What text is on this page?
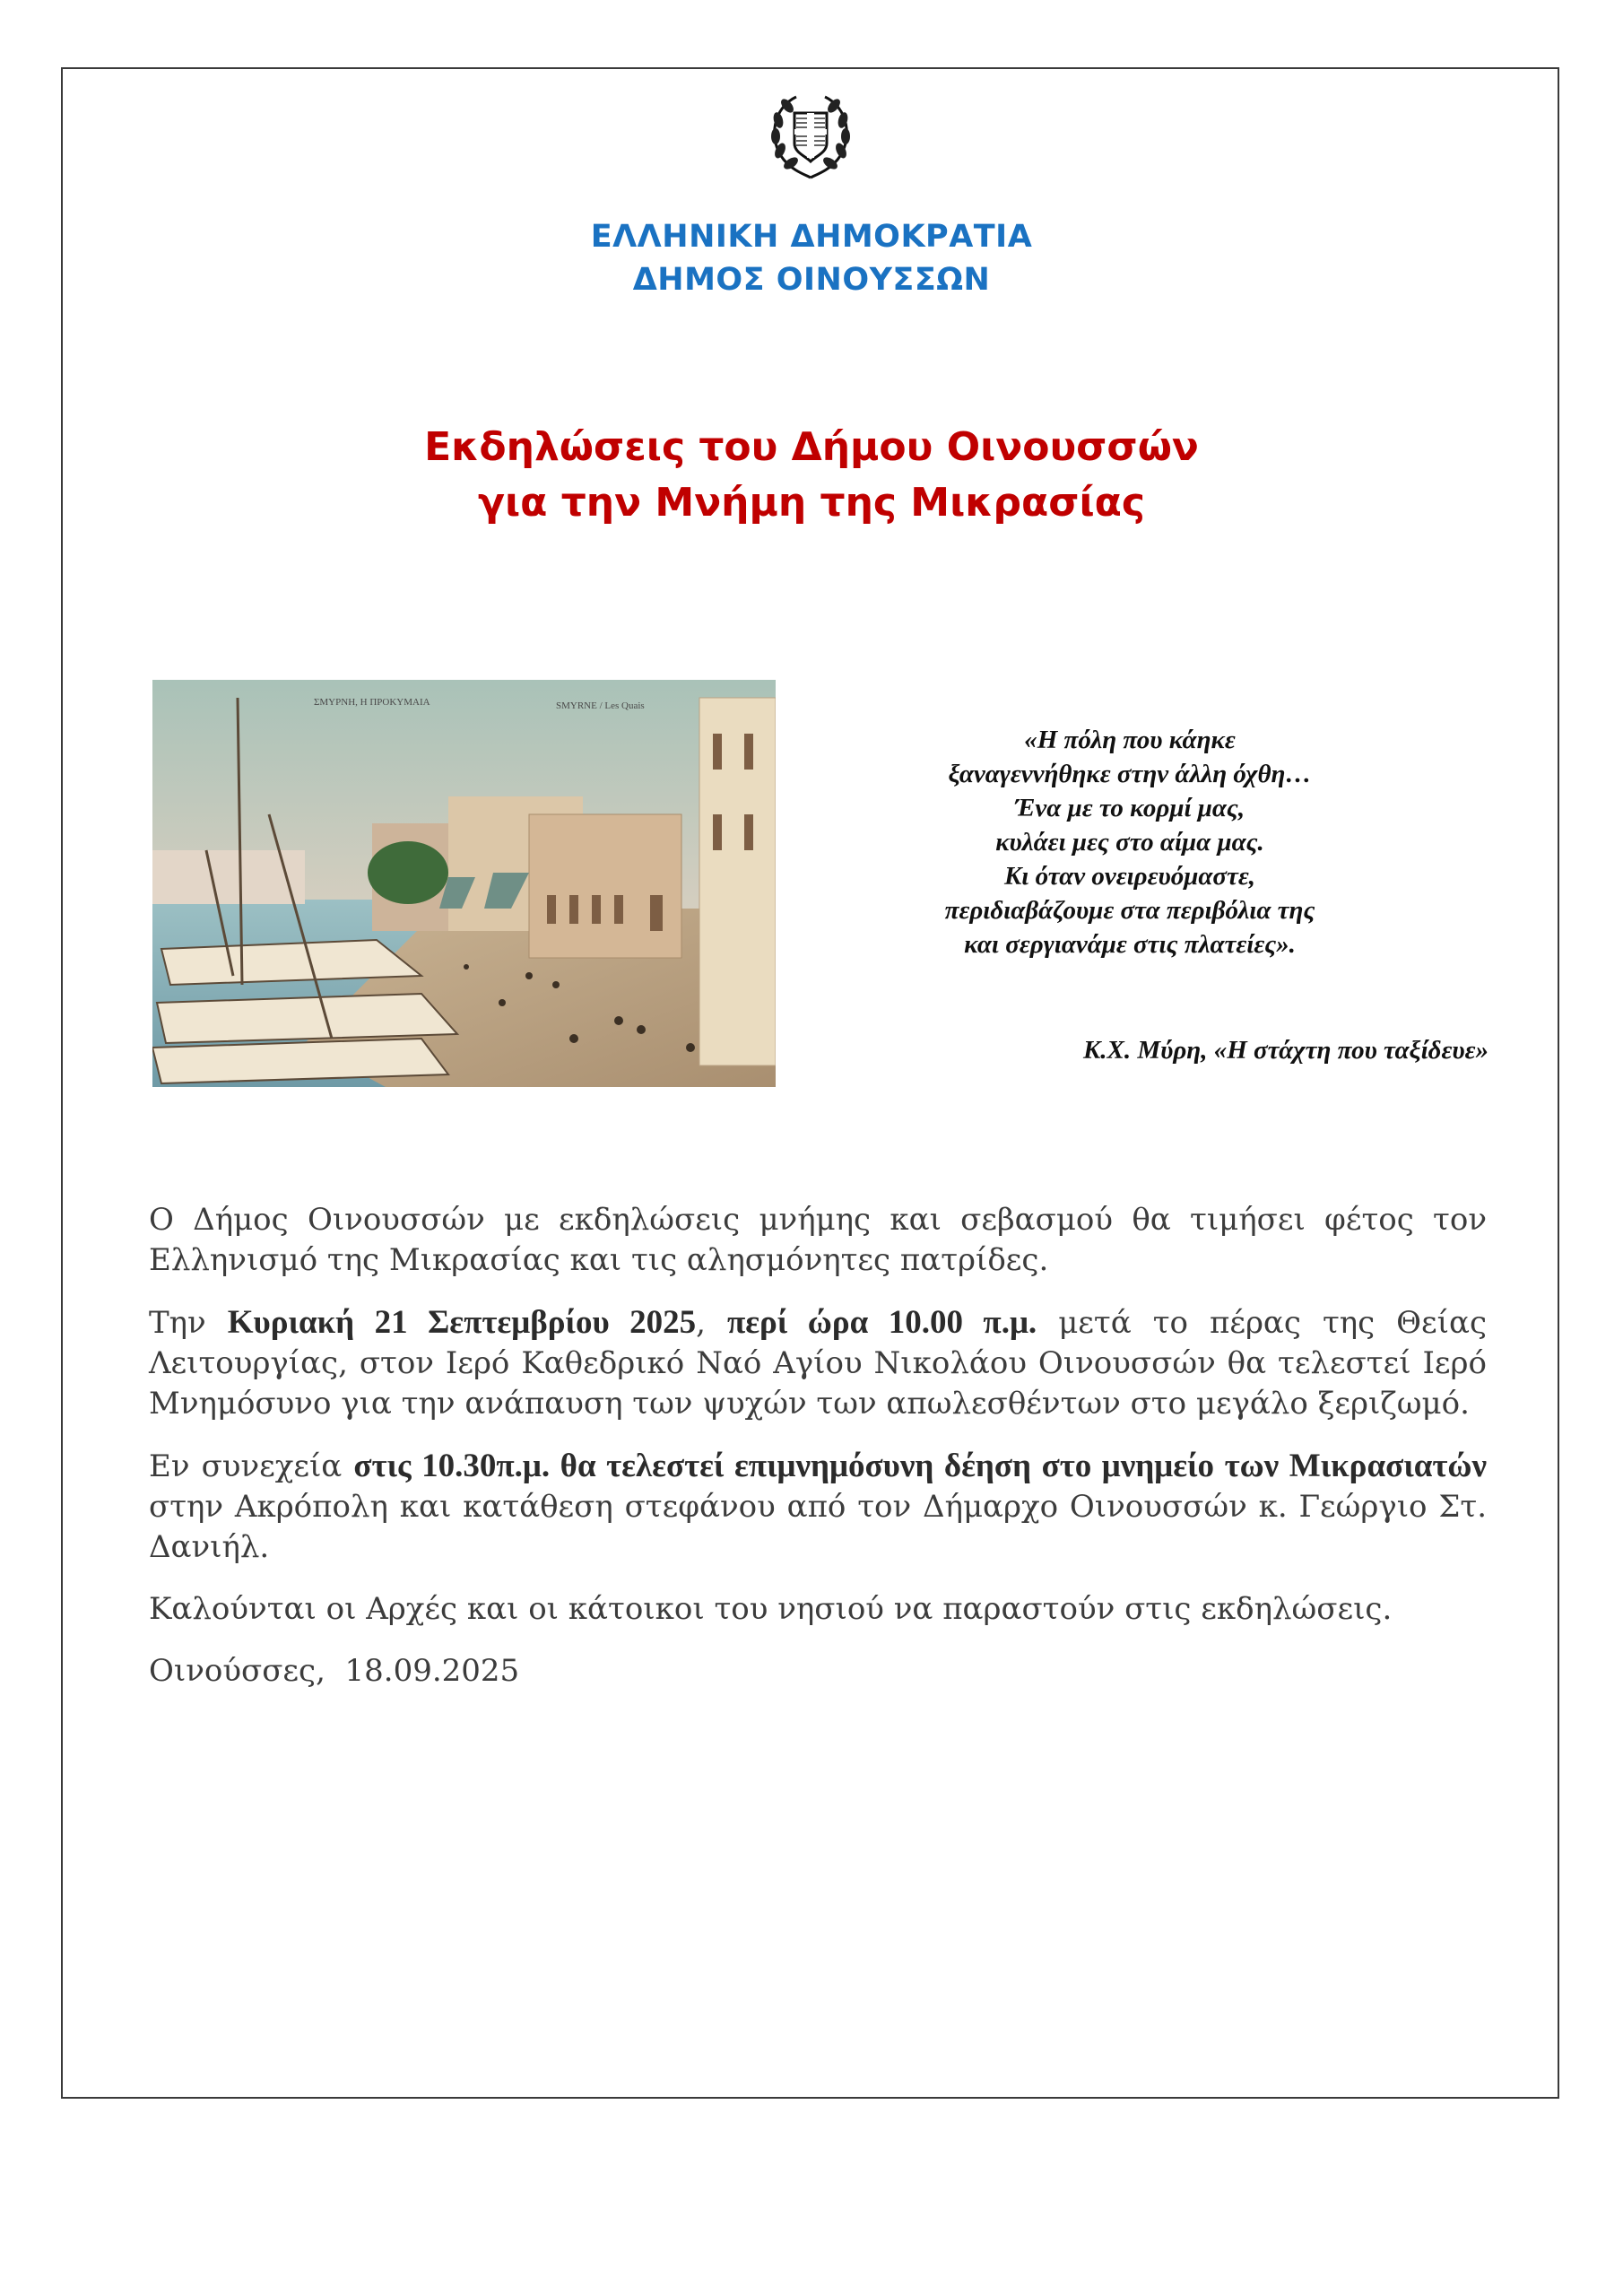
ΕΛΛΗΝΙΚΗ ΔΗΜΟΚΡΑΤΙΑ
ΔΗΜΟΣ ΟΙΝΟΥΣΣΩΝ
Εκδηλώσεις του Δήμου Οινουσσών
για την Μνήμη της Μικρασίας
ΣΜΥΡΝΗ, Η ΠΡΟΚΥΜΑΙΑ	SMYRNE / Les Quais
«Η πόλη που κάηκε
ξαναγεννήθηκε στην άλλη όχθη…
Ένα με το κορμί μας,
κυλάει μες στο αίμα μας.
Κι όταν ονειρευόμαστε,
περιδιαβάζουμε στα περιβόλια της
και σεργιανάμε στις πλατείες».
Κ.Χ. Μύρη, «Η στάχτη που ταξίδευε»

Ο Δήμος Οινουσσών με εκδηλώσεις μνήμης και σεβασμού θα τιμήσει φέτος τον Ελληνισμό της Μικρασίας και τις αλησμόνητες πατρίδες.

Την Κυριακή 21 Σεπτεμβρίου 2025, περί ώρα 10.00 π.μ. μετά το πέρας της Θείας Λειτουργίας, στον Ιερό Καθεδρικό Ναό Αγίου Νικολάου Οινουσσών θα τελεστεί Ιερό Μνημόσυνο για την ανάπαυση των ψυχών των απωλεσθέντων στο μεγάλο ξεριζωμό.

Εν συνεχεία στις 10.30π.μ. θα τελεστεί επιμνημόσυνη δέηση στο μνημείο των Μικρασιατών στην Ακρόπολη και κατάθεση στεφάνου από τον Δήμαρχο Οινουσσών κ. Γεώργιο Στ. Δανιήλ.

Καλούνται οι Αρχές και οι κάτοικοι του νησιού να παραστούν στις εκδηλώσεις.

Οινούσσες,  18.09.2025
